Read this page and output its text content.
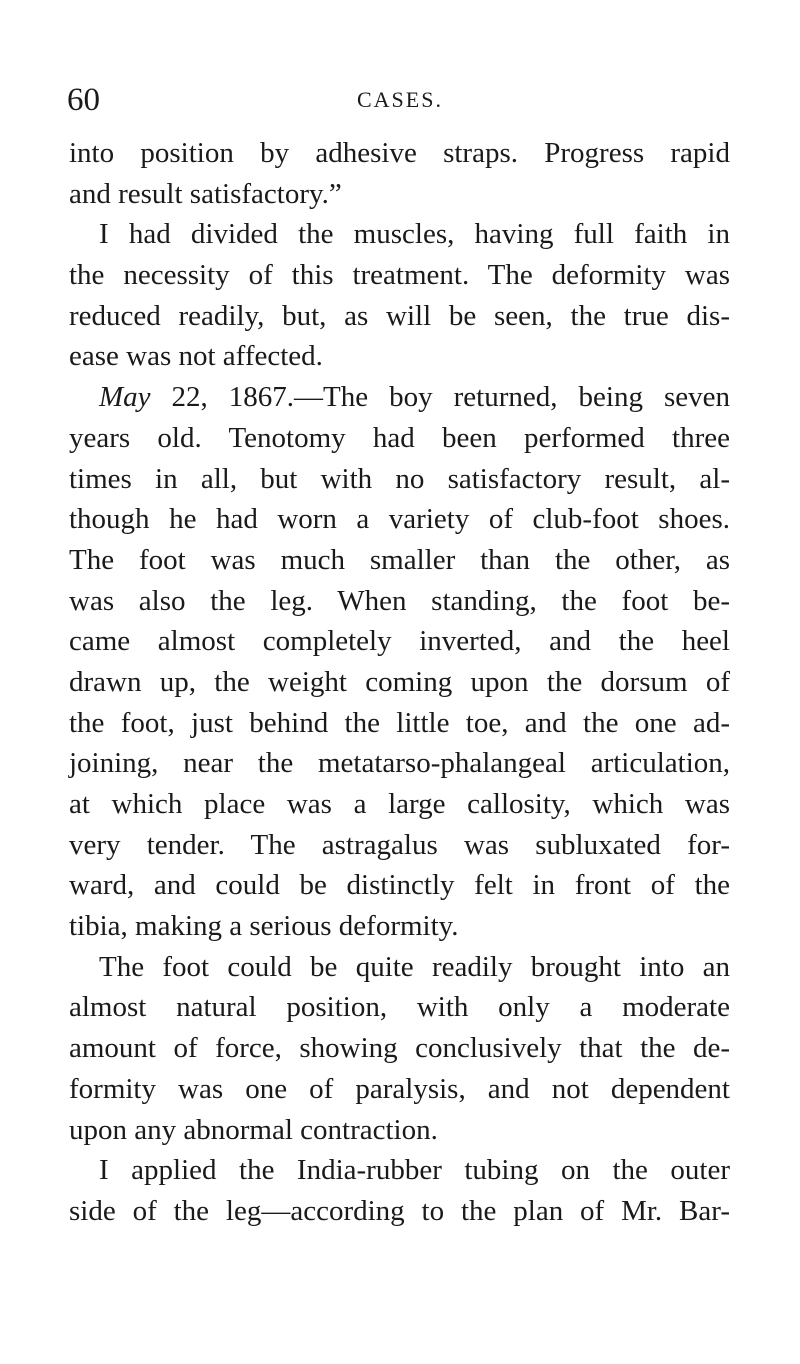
60	CASES.
into position by adhesive straps. Progress rapid
and result satisfactory.”
I had divided the muscles, having full faith in
the necessity of this treatment. The deformity was
reduced readily, but, as will be seen, the true dis-
ease was not affected.
May 22, 1867.—The boy returned, being seven
years old. Tenotomy had been performed three
times in all, but with no satisfactory result, al-
though he had worn a variety of club-foot shoes.
The foot was much smaller than the other, as
was also the leg. When standing, the foot be-
came almost completely inverted, and the heel
drawn up, the weight coming upon the dorsum of
the foot, just behind the little toe, and the one ad-
joining, near the metatarso-phalangeal articulation,
at which place was a large callosity, which was
very tender. The astragalus was subluxated for-
ward, and could be distinctly felt in front of the
tibia, making a serious deformity.
The foot could be quite readily brought into an
almost natural position, with only a moderate
amount of force, showing conclusively that the de-
formity was one of paralysis, and not dependent
upon any abnormal contraction.
I applied the India-rubber tubing on the outer
side of the leg—according to the plan of Mr. Bar-
